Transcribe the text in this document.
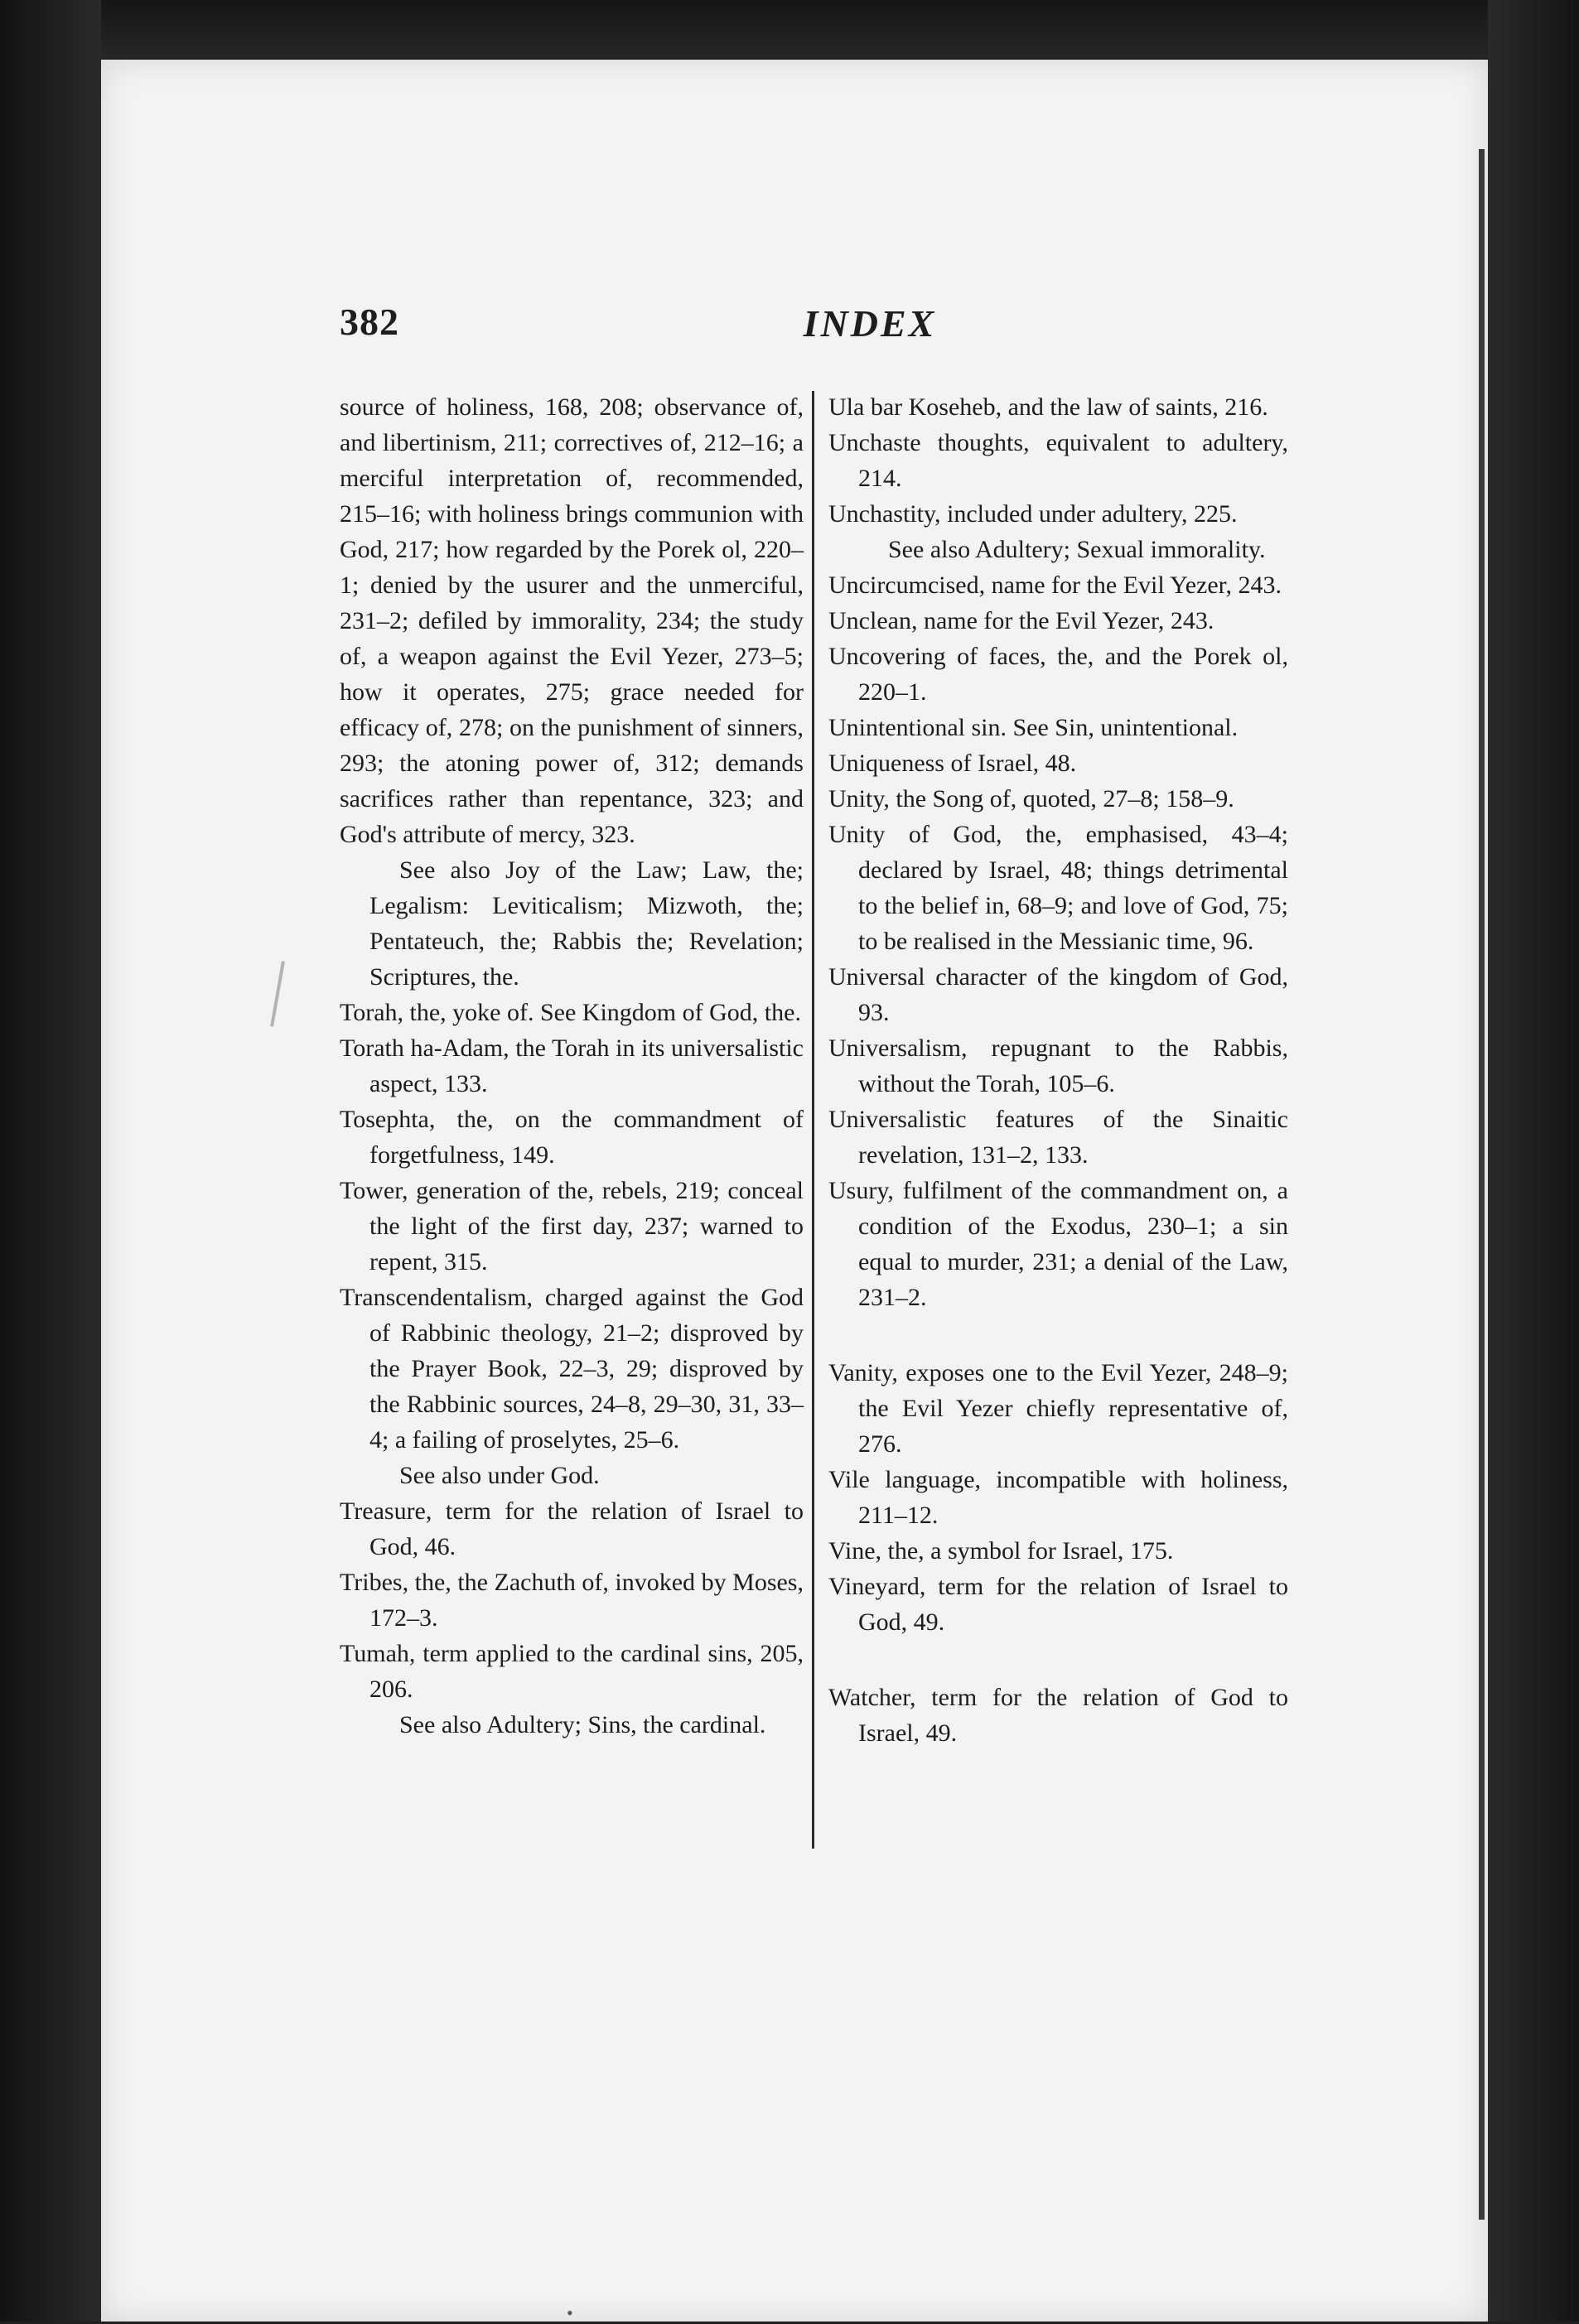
382	INDEX

source of holiness, 168, 208; observance of, and libertinism, 211; correctives of, 212–16; a merciful interpretation of, recommended, 215–16; with holiness brings communion with God, 217; how regarded by the Porek ol, 220–1; denied by the usurer and the unmerciful, 231–2; defiled by immorality, 234; the study of, a weapon against the Evil Yezer, 273–5; how it operates, 275; grace needed for efficacy of, 278; on the punishment of sinners, 293; the atoning power of, 312; demands sacrifices rather than repentance, 323; and God's attribute of mercy, 323.

See also Joy of the Law; Law, the; Legalism: Leviticalism; Mizwoth, the; Pentateuch, the; Rabbis the; Revelation; Scriptures, the.

Torah, the, yoke of. See Kingdom of God, the.

Torath ha-Adam, the Torah in its universalistic aspect, 133.

Tosephta, the, on the commandment of forgetfulness, 149.

Tower, generation of the, rebels, 219; conceal the light of the first day, 237; warned to repent, 315.

Transcendentalism, charged against the God of Rabbinic theology, 21–2; disproved by the Prayer Book, 22–3, 29; disproved by the Rabbinic sources, 24–8, 29–30, 31, 33–4; a failing of proselytes, 25–6.

See also under God.

Treasure, term for the relation of Israel to God, 46.

Tribes, the, the Zachuth of, invoked by Moses, 172–3.

Tumah, term applied to the cardinal sins, 205, 206.

See also Adultery; Sins, the cardinal.

Ula bar Koseheb, and the law of saints, 216.

Unchaste thoughts, equivalent to adultery, 214.

Unchastity, included under adultery, 225.

See also Adultery; Sexual immorality.

Uncircumcised, name for the Evil Yezer, 243.

Unclean, name for the Evil Yezer, 243.

Uncovering of faces, the, and the Porek ol, 220–1.

Unintentional sin. See Sin, unintentional.

Uniqueness of Israel, 48.

Unity, the Song of, quoted, 27–8; 158–9.

Unity of God, the, emphasised, 43–4; declared by Israel, 48; things detrimental to the belief in, 68–9; and love of God, 75; to be realised in the Messianic time, 96.

Universal character of the kingdom of God, 93.

Universalism, repugnant to the Rabbis, without the Torah, 105–6.

Universalistic features of the Sinaitic revelation, 131–2, 133.

Usury, fulfilment of the commandment on, a condition of the Exodus, 230–1; a sin equal to murder, 231; a denial of the Law, 231–2.

Vanity, exposes one to the Evil Yezer, 248–9; the Evil Yezer chiefly representative of, 276.

Vile language, incompatible with holiness, 211–12.

Vine, the, a symbol for Israel, 175.

Vineyard, term for the relation of Israel to God, 49.

Watcher, term for the relation of God to Israel, 49.

•
